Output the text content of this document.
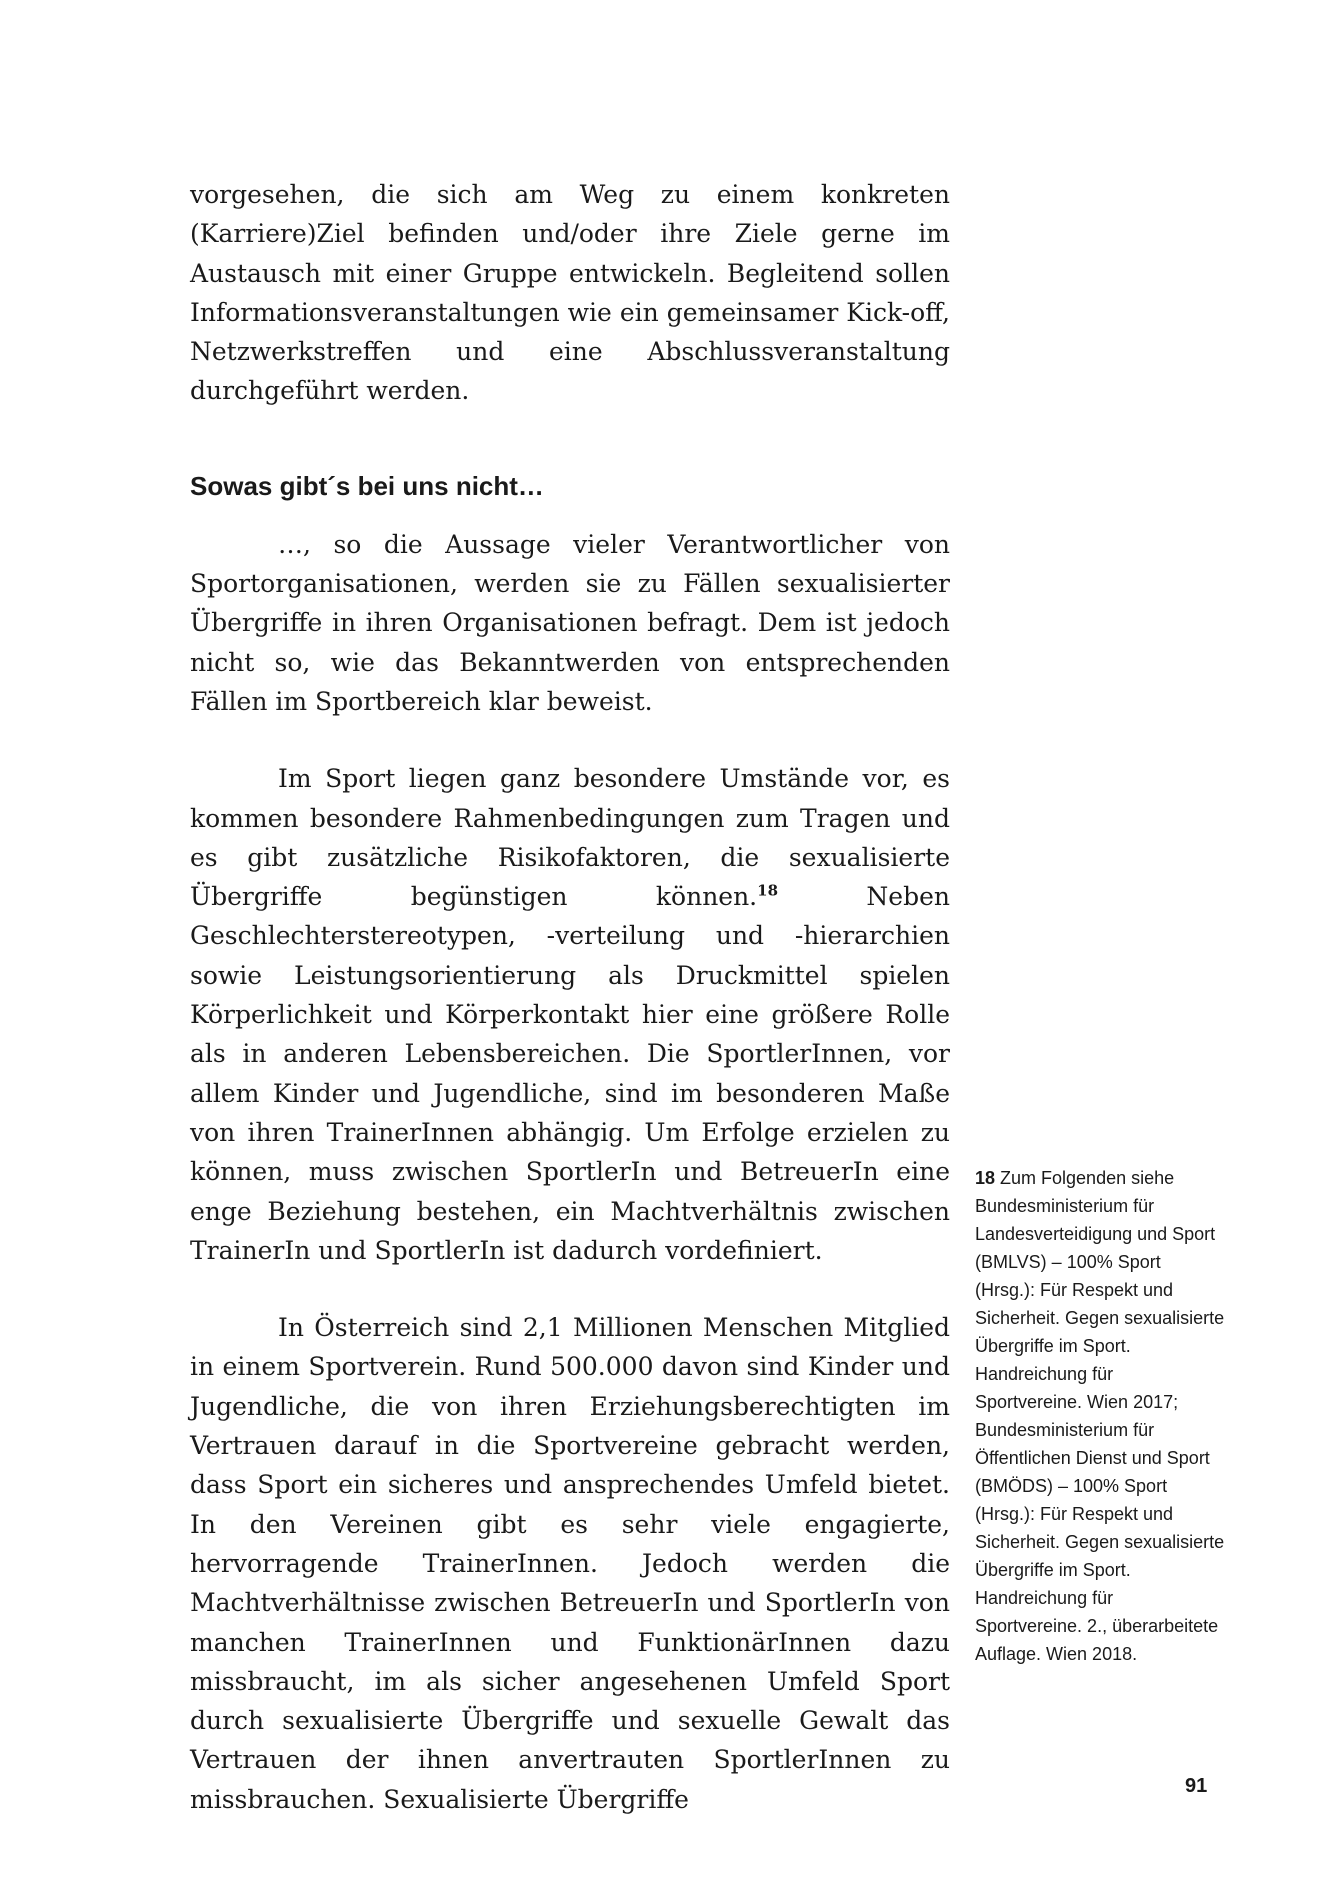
vorgesehen, die sich am Weg zu einem konkreten (Karriere)Ziel befinden und/oder ihre Ziele gerne im Austausch mit einer Gruppe entwickeln. Begleitend sollen Informationsveranstaltungen wie ein gemeinsamer Kick-off, Netzwerkstreffen und eine Abschlussveranstaltung durchgeführt werden.

Sowas gibt´s bei uns nicht…

…, so die Aussage vieler Verantwortlicher von Sportorganisationen, werden sie zu Fällen sexualisierter Übergriffe in ihren Organisationen befragt. Dem ist jedoch nicht so, wie das Bekanntwerden von entsprechenden Fällen im Sportbereich klar beweist.

Im Sport liegen ganz besondere Umstände vor, es kommen besondere Rahmenbedingungen zum Tragen und es gibt zusätzliche Risikofaktoren, die sexualisierte Übergriffe begünstigen können.$^{18}$ Neben Geschlechterstereotypen, -verteilung und -hierarchien sowie Leistungsorientierung als Druckmittel spielen Körperlichkeit und Körperkontakt hier eine größere Rolle als in anderen Lebensbereichen. Die SportlerInnen, vor allem Kinder und Jugendliche, sind im besonderen Maße von ihren TrainerInnen abhängig. Um Erfolge erzielen zu können, muss zwischen SportlerIn und BetreuerIn eine enge Beziehung bestehen, ein Machtverhältnis zwischen TrainerIn und SportlerIn ist dadurch vordefiniert.

In Österreich sind 2,1 Millionen Menschen Mitglied in einem Sportverein. Rund 500.000 davon sind Kinder und Jugendliche, die von ihren Erziehungsberechtigten im Vertrauen darauf in die Sportvereine gebracht werden, dass Sport ein sicheres und ansprechendes Umfeld bietet. In den Vereinen gibt es sehr viele engagierte, hervorragende TrainerInnen. Jedoch werden die Machtverhältnisse zwischen BetreuerIn und SportlerIn von manchen TrainerInnen und FunktionärInnen dazu missbraucht, im als sicher angesehenen Umfeld Sport durch sexualisierte Übergriffe und sexuelle Gewalt das Vertrauen der ihnen anvertrauten SportlerInnen zu missbrauchen. Sexualisierte Übergriffe

18 Zum Folgenden siehe Bundesministerium für Landesverteidigung und Sport (BMLVS) – 100% Sport (Hrsg.): Für Respekt und Sicherheit. Gegen sexualisierte Übergriffe im Sport. Handreichung für Sportvereine. Wien 2017; Bundesministerium für Öffentlichen Dienst und Sport (BMÖDS) – 100% Sport (Hrsg.): Für Respekt und Sicherheit. Gegen sexualisierte Übergriffe im Sport. Handreichung für Sportvereine. 2., überarbeitete Auflage. Wien 2018.
91
